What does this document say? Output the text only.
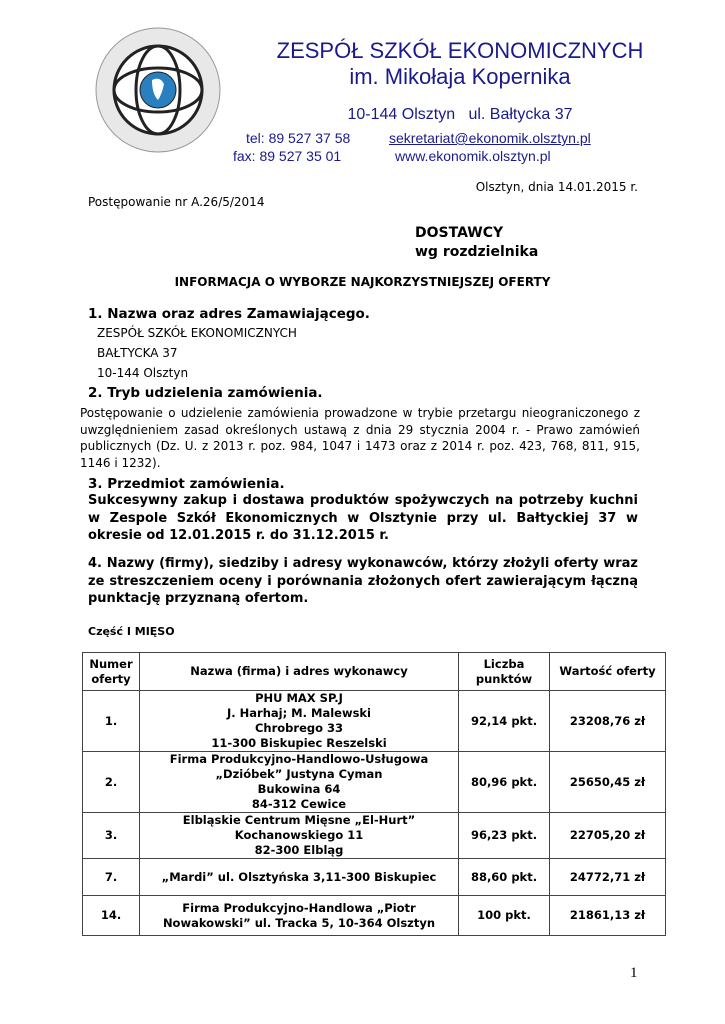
ZESPÓŁ SZKÓŁ EKONOMICZNYCH
im. Mikołaja Kopernika
10-144 Olsztyn   ul. Bałtycka 37
tel: 89 527 37 58
fax: 89 527 35 01
sekretariat@ekonomik.olsztyn.pl
www.ekonomik.olsztyn.pl
Olsztyn, dnia 14.01.2015 r.
Postępowanie nr A.26/5/2014
DOSTAWCY
wg rozdzielnika
INFORMACJA O WYBORZE NAJKORZYSTNIEJSZEJ OFERTY
1. Nazwa oraz adres Zamawiającego.
ZESPÓŁ SZKÓŁ EKONOMICZNYCH
BAŁTYCKA 37
10-144 Olsztyn
2. Tryb udzielenia zamówienia.
Postępowanie o udzielenie zamówienia prowadzone w trybie przetargu nieograniczonego z uwzględnieniem zasad określonych ustawą z dnia 29 stycznia 2004 r. - Prawo zamówień publicznych (Dz. U. z 2013 r. poz. 984, 1047 i 1473 oraz z 2014 r. poz. 423, 768, 811, 915, 1146 i 1232).
3. Przedmiot zamówienia.
Sukcesywny zakup i dostawa produktów spożywczych na potrzeby kuchni w Zespole Szkół Ekonomicznych w Olsztynie przy ul. Bałtyckiej 37 w okresie od 12.01.2015 r. do 31.12.2015 r.
4. Nazwy (firmy), siedziby i adresy wykonawców, którzy złożyli oferty wraz ze streszczeniem oceny i porównania złożonych ofert zawierającym łączną punktację przyznaną ofertom.
Część I MIĘSO
Numer oferty	Nazwa (firma) i adres wykonawcy	Liczba punktów	Wartość oferty
1.	PHU MAX SP.J
J. Harhaj; M. Malewski
Chrobrego 33
11-300 Biskupiec Reszelski	92,14 pkt.	23208,76 zł
2.	Firma Produkcyjno-Handlowo-Usługowa
„Dzióbek” Justyna Cyman
Bukowina 64
84-312 Cewice	80,96 pkt.	25650,45 zł
3.	Elbląskie Centrum Mięsne „El-Hurt”
Kochanowskiego 11
82-300 Elbląg	96,23 pkt.	22705,20 zł
7.	„Mardi” ul. Olsztyńska 3,11-300 Biskupiec	88,60 pkt.	24772,71 zł
14.	Firma Produkcyjno-Handlowa „Piotr
Nowakowski” ul. Tracka 5, 10-364 Olsztyn	100 pkt.	21861,13 zł
1
